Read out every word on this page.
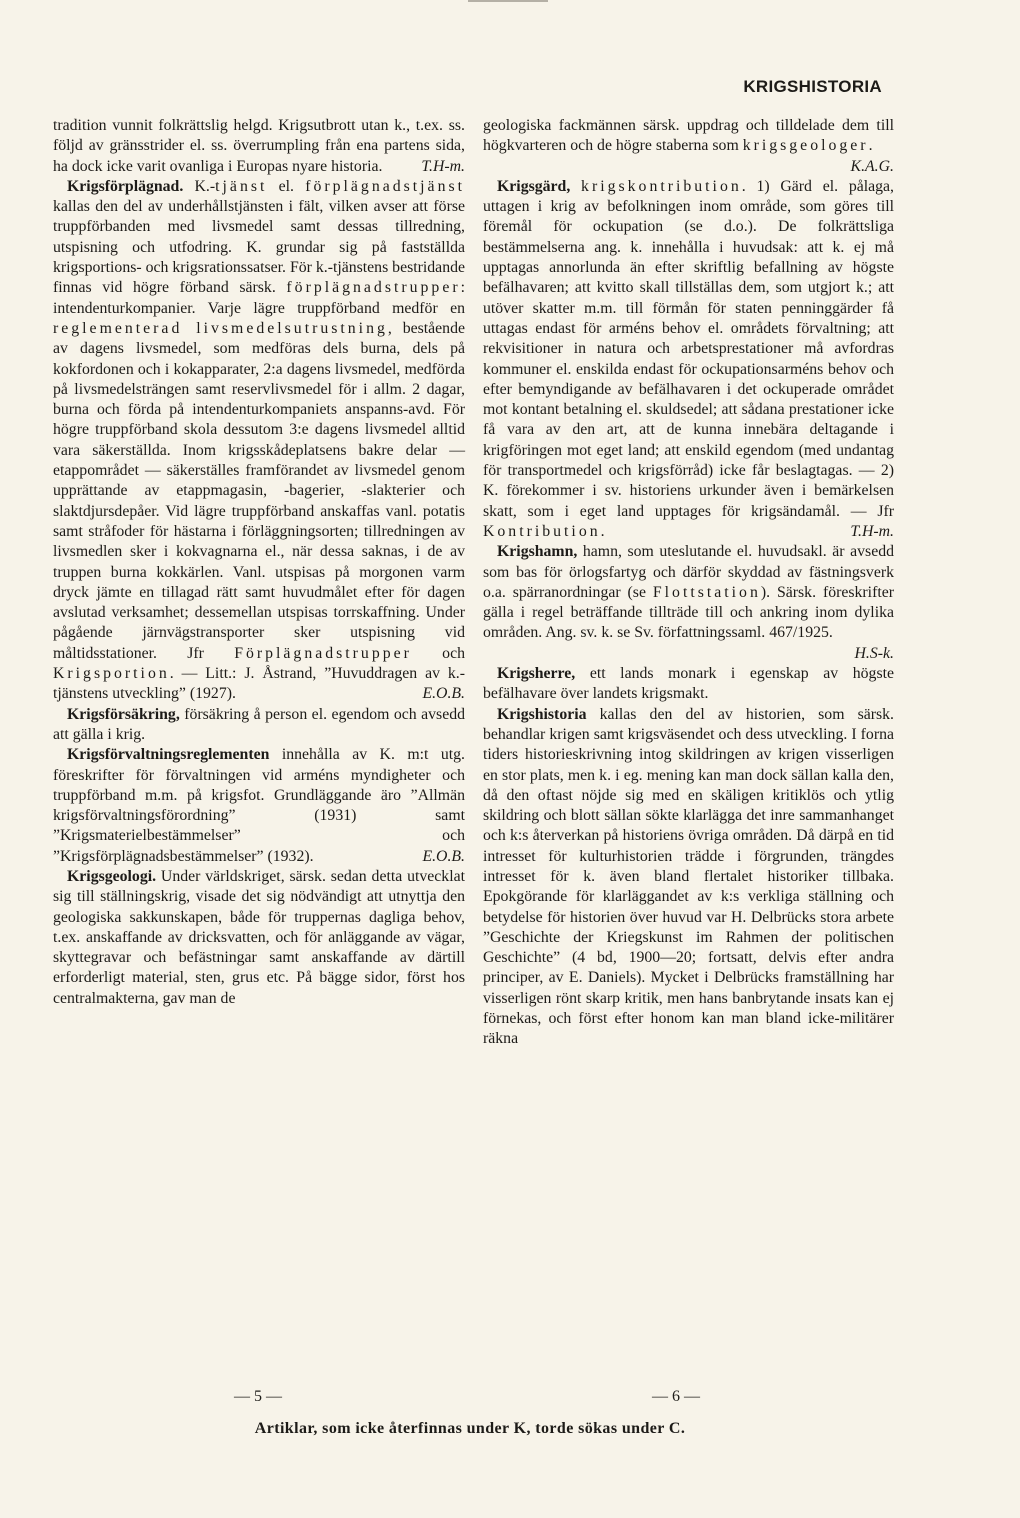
KRIGSHISTORIA

tradition vunnit folkrättslig helgd. Krigsutbrott utan k., t.ex. ss. följd av gränsstrider el. ss. överrumpling från ena partens sida, ha dock icke varit ovanliga i Europas nyare historia.	T.H-m.

Krigsförplägnad. K.-tjänst el. förplägnadstjänst kallas den del av underhållstjänsten i fält, vilken avser att förse truppförbanden med livsmedel samt dessas tillredning, utspisning och utfodring. K. grundar sig på fastställda krigsportions- och krigsrationssatser. För k.-tjänstens bestridande finnas vid högre förband särsk. förplägnadstrupper: intendenturkompanier. Varje lägre truppförband medför en reglementerad livsmedelsutrustning, bestående av dagens livsmedel, som medföras dels burna, dels på kokfordonen och i kokapparater, 2:a dagens livsmedel, medförda på livsmedelsträngen samt reservlivsmedel för i allm. 2 dagar, burna och förda på intendenturkompaniets anspanns-avd. För högre truppförband skola dessutom 3:e dagens livsmedel alltid vara säkerställda. Inom krigsskådeplatsens bakre delar — etappområdet — säkerställes framförandet av livsmedel genom upprättande av etappmagasin, -bagerier, -slakterier och slaktdjursdepåer. Vid lägre truppförband anskaffas vanl. potatis samt stråfoder för hästarna i förläggningsorten; tillredningen av livsmedlen sker i kokvagnarna el., när dessa saknas, i de av truppen burna kokkärlen. Vanl. utspisas på morgonen varm dryck jämte en tillagad rätt samt huvudmålet efter för dagen avslutad verksamhet; dessemellan utspisas torrskaffning. Under pågående järnvägstransporter sker utspisning vid måltidsstationer. Jfr Förplägnadstrupper och Krigsportion. — Litt.: J. Åstrand, ”Huvuddragen av k.-tjänstens utveckling” (1927).	E.O.B.

Krigsförsäkring, försäkring å person el. egendom och avsedd att gälla i krig.

Krigsförvaltningsreglementen innehålla av K. m:t utg. föreskrifter för förvaltningen vid arméns myndigheter och truppförband m.m. på krigsfot. Grundläggande äro ”Allmän krigsförvaltningsförordning” (1931) samt ”Krigsmaterielbestämmelser” och ”Krigsförplägnadsbestämmelser” (1932).	E.O.B.

Krigsgeologi. Under världskriget, särsk. sedan detta utvecklat sig till ställningskrig, visade det sig nödvändigt att utnyttja den geologiska sakkunskapen, både för truppernas dagliga behov, t.ex. anskaffande av dricksvatten, och för anläggande av vägar, skyttegravar och befästningar samt anskaffande av därtill erforderligt material, sten, grus etc. På bägge sidor, först hos centralmakterna, gav man de

geologiska fackmännen särsk. uppdrag och tilldelade dem till högkvarteren och de högre staberna som krigsgeologer.
K.A.G.

Krigsgärd, krigskontribution. 1) Gärd el. pålaga, uttagen i krig av befolkningen inom område, som göres till föremål för ockupation (se d.o.). De folkrättsliga bestämmelserna ang. k. innehålla i huvudsak: att k. ej må upptagas annorlunda än efter skriftlig befallning av högste befälhavaren; att kvitto skall tillställas dem, som utgjort k.; att utöver skatter m.m. till förmån för staten penninggärder få uttagas endast för arméns behov el. områdets förvaltning; att rekvisitioner in natura och arbetsprestationer må avfordras kommuner el. enskilda endast för ockupationsarméns behov och efter bemyndigande av befälhavaren i det ockuperade området mot kontant betalning el. skuldsedel; att sådana prestationer icke få vara av den art, att de kunna innebära deltagande i krigföringen mot eget land; att enskild egendom (med undantag för transportmedel och krigsförråd) icke får beslagtagas. — 2) K. förekommer i sv. historiens urkunder även i bemärkelsen skatt, som i eget land upptages för krigsändamål. — Jfr Kontribution.	T.H-m.

Krigshamn, hamn, som uteslutande el. huvudsakl. är avsedd som bas för örlogsfartyg och därför skyddad av fästningsverk o.a. spärranordningar (se Flottstation). Särsk. föreskrifter gälla i regel beträffande tillträde till och ankring inom dylika områden. Ang. sv. k. se Sv. författningssaml. 467/1925.
H.S-k.

Krigsherre, ett lands monark i egenskap av högste befälhavare över landets krigsmakt.

Krigshistoria kallas den del av historien, som särsk. behandlar krigen samt krigsväsendet och dess utveckling. I forna tiders historieskrivning intog skildringen av krigen visserligen en stor plats, men k. i eg. mening kan man dock sällan kalla den, då den oftast nöjde sig med en skäligen kritiklös och ytlig skildring och blott sällan sökte klarlägga det inre sammanhanget och k:s återverkan på historiens övriga områden. Då därpå en tid intresset för kulturhistorien trädde i förgrunden, trängdes intresset för k. även bland flertalet historiker tillbaka. Epokgörande för klarläggandet av k:s verkliga ställning och betydelse för historien över huvud var H. Delbrücks stora arbete ”Geschichte der Kriegskunst im Rahmen der politischen Geschichte” (4 bd, 1900—20; fortsatt, delvis efter andra principer, av E. Daniels). Mycket i Delbrücks framställning har visserligen rönt skarp kritik, men hans banbrytande insats kan ej förnekas, och först efter honom kan man bland icke-militärer räkna

— 5 —	— 6 —
Artiklar, som icke återfinnas under K, torde sökas under C.
